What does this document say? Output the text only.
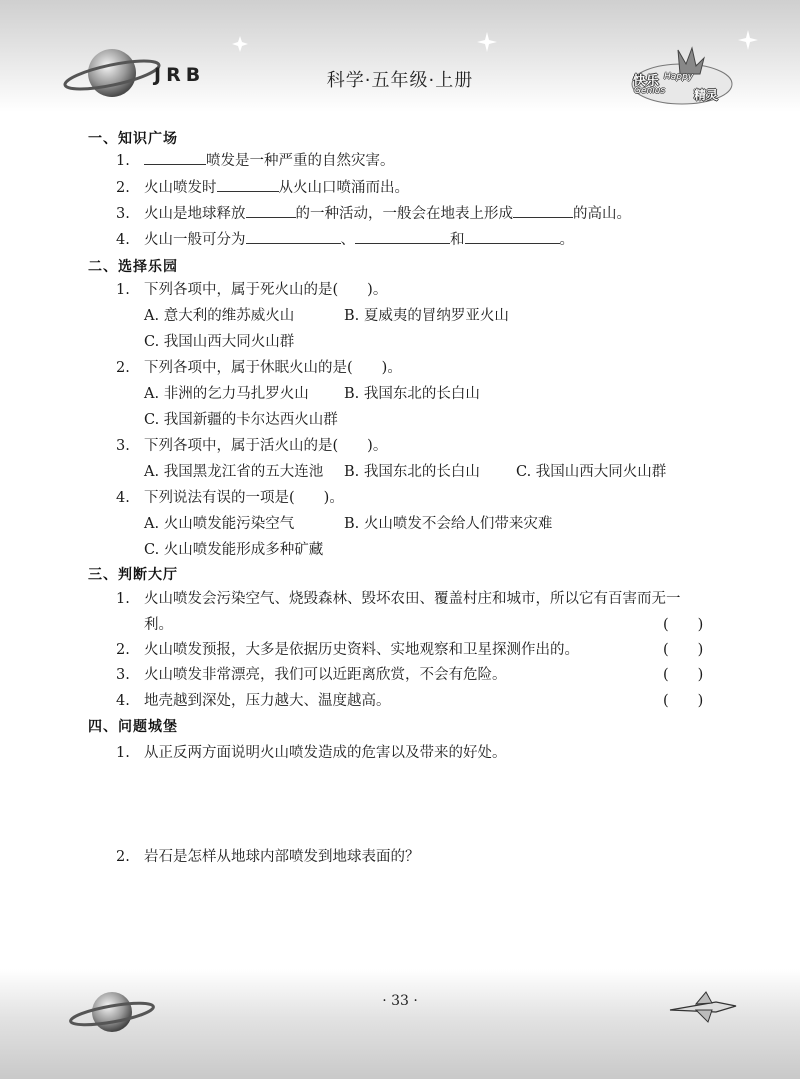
JRB	科学·五年级·上册	快乐 Happy
Genius 精灵
一、知识广场
1.	喷发是一种严重的自然灾害。
2. 火山喷发时	从火山口喷涌而出。
3. 火山是地球释放	的一种活动，一般会在地表上形成	的高山。
4. 火山一般可分为	、	和	。
二、选择乐园
1. 下列各项中，属于死火山的是(　　)。
A. 意大利的维苏威火山	B. 夏威夷的冒纳罗亚火山
C. 我国山西大同火山群
2. 下列各项中，属于休眠火山的是(　　)。
A. 非洲的乞力马扎罗火山 B. 我国东北的长白山
C. 我国新疆的卡尔达西火山群
3. 下列各项中，属于活火山的是(　　)。
A. 我国黑龙江省的五大连池 B. 我国东北的长白山 C. 我国山西大同火山群
4. 下列说法有误的一项是(　　)。
A. 火山喷发能污染空气	B. 火山喷发不会给人们带来灾难
C. 火山喷发能形成多种矿藏
三、判断大厅
1. 火山喷发会污染空气、烧毁森林、毁坏农田、覆盖村庄和城市，所以它有百害而无一
利。	(　　)
2. 火山喷发预报，大多是依据历史资料、实地观察和卫星探测作出的。	(　　)
3. 火山喷发非常漂亮，我们可以近距离欣赏，不会有危险。	(　　)
4. 地壳越到深处，压力越大、温度越高。	(　　)
四、问题城堡
1. 从正反两方面说明火山喷发造成的危害以及带来的好处。
2. 岩石是怎样从地球内部喷发到地球表面的？
· 33 ·
